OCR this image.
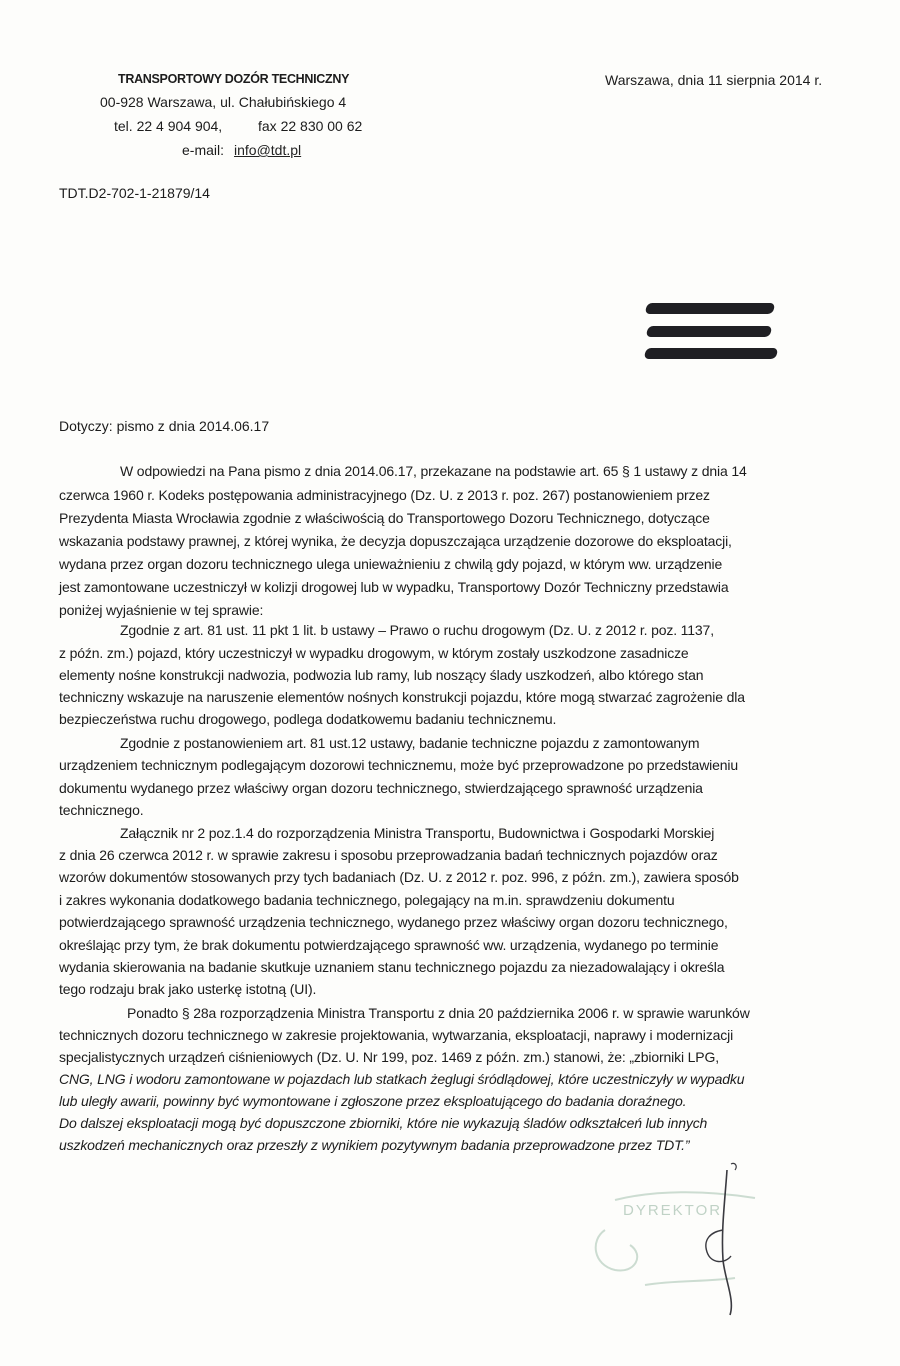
TRANSPORTOWY DOZÓR TECHNICZNY
00-928 Warszawa, ul. Chałubińskiego 4
tel. 22 4 904 904,	fax 22 830 00 62
e-mail: info@tdt.pl
Warszawa, dnia 11 sierpnia 2014 r.
TDT.D2-702-1-21879/14
Dotyczy: pismo z dnia 2014.06.17
W odpowiedzi na Pana pismo z dnia 2014.06.17, przekazane na podstawie art. 65 § 1 ustawy z dnia 14
czerwca 1960 r. Kodeks postępowania administracyjnego (Dz. U. z 2013 r. poz. 267) postanowieniem przez
Prezydenta Miasta Wrocławia zgodnie z właściwością do Transportowego Dozoru Technicznego, dotyczące
wskazania podstawy prawnej, z której wynika, że decyzja dopuszczająca urządzenie dozorowe do eksploatacji,
wydana przez organ dozoru technicznego ulega unieważnieniu z chwilą gdy pojazd, w którym ww. urządzenie
jest zamontowane uczestniczył w kolizji drogowej lub w wypadku, Transportowy Dozór Techniczny przedstawia
poniżej wyjaśnienie w tej sprawie:
Zgodnie z art. 81 ust. 11 pkt 1 lit. b ustawy – Prawo o ruchu drogowym (Dz. U. z 2012 r. poz. 1137,
z późn. zm.) pojazd, który uczestniczył w wypadku drogowym, w którym zostały uszkodzone zasadnicze
elementy nośne konstrukcji nadwozia, podwozia lub ramy, lub noszący ślady uszkodzeń, albo którego stan
techniczny wskazuje na naruszenie elementów nośnych konstrukcji pojazdu, które mogą stwarzać zagrożenie dla
bezpieczeństwa ruchu drogowego, podlega dodatkowemu badaniu technicznemu.
Zgodnie z postanowieniem art. 81 ust.12 ustawy, badanie techniczne pojazdu z zamontowanym
urządzeniem technicznym podlegającym dozorowi technicznemu, może być przeprowadzone po przedstawieniu
dokumentu wydanego przez właściwy organ dozoru technicznego, stwierdzającego sprawność urządzenia
technicznego.
Załącznik nr 2 poz.1.4 do rozporządzenia Ministra Transportu, Budownictwa i Gospodarki Morskiej
z dnia 26 czerwca 2012 r. w sprawie zakresu i sposobu przeprowadzania badań technicznych pojazdów oraz
wzorów dokumentów stosowanych przy tych badaniach (Dz. U. z 2012 r. poz. 996, z późn. zm.), zawiera sposób
i zakres wykonania dodatkowego badania technicznego, polegający na m.in. sprawdzeniu dokumentu
potwierdzającego sprawność urządzenia technicznego, wydanego przez właściwy organ dozoru technicznego,
określając przy tym, że brak dokumentu potwierdzającego sprawność ww. urządzenia, wydanego po terminie
wydania skierowania na badanie skutkuje uznaniem stanu technicznego pojazdu za niezadowalający i określa
tego rodzaju brak jako usterkę istotną (UI).
Ponadto § 28a rozporządzenia Ministra Transportu z dnia 20 października 2006 r. w sprawie warunków
technicznych dozoru technicznego w zakresie projektowania, wytwarzania, eksploatacji, naprawy i modernizacji
specjalistycznych urządzeń ciśnieniowych (Dz. U. Nr 199, poz. 1469 z późn. zm.) stanowi, że: „zbiorniki LPG,
CNG, LNG i wodoru zamontowane w pojazdach lub statkach żeglugi śródlądowej, które uczestniczyły w wypadku
lub uległy awarii, powinny być wymontowane i zgłoszone przez eksploatującego do badania doraźnego.
Do dalszej eksploatacji mogą być dopuszczone zbiorniki, które nie wykazują śladów odkształceń lub innych
uszkodzeń mechanicznych oraz przeszły z wynikiem pozytywnym badania przeprowadzone przez TDT.”
DYREKTOR
